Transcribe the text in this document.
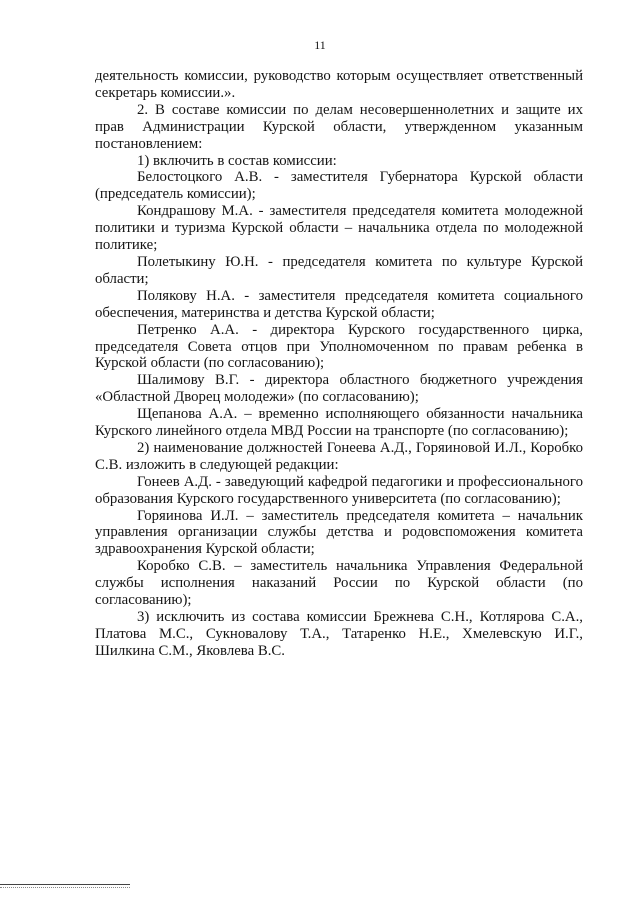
11

деятельность комиссии, руководство которым осуществляет ответственный секретарь комиссии.».

2. В составе комиссии по делам несовершеннолетних и защите их прав Администрации Курской области, утвержденном указанным постановлением:

1) включить в состав комиссии:

Белостоцкого А.В. - заместителя Губернатора Курской области (председатель комиссии);

Кондрашову М.А. - заместителя председателя комитета молодежной политики и туризма Курской области – начальника отдела по молодежной политике;

Полетыкину Ю.Н. - председателя комитета по культуре Курской области;

Полякову Н.А. - заместителя председателя комитета социального обеспечения, материнства и детства Курской области;

Петренко А.А. - директора Курского государственного цирка, председателя Совета отцов при Уполномоченном по правам ребенка в Курской области (по согласованию);

Шалимову В.Г. - директора областного бюджетного учреждения «Областной Дворец молодежи» (по согласованию);

Щепанова А.А. – временно исполняющего обязанности начальника Курского линейного отдела МВД России на транспорте (по согласованию);

2) наименование должностей Гонеева А.Д., Горяиновой И.Л., Коробко С.В. изложить в следующей редакции:

Гонеев А.Д. - заведующий кафедрой педагогики и профессионального образования Курского государственного университета (по согласованию);

Горяинова И.Л. – заместитель председателя комитета – начальник управления организации службы детства и родовспоможения комитета здравоохранения Курской области;

Коробко С.В. – заместитель начальника Управления Федеральной службы исполнения наказаний России по Курской области (по согласованию);

3) исключить из состава комиссии Брежнева С.Н., Котлярова С.А., Платова М.С., Сукновалову Т.А., Татаренко Н.Е., Хмелевскую И.Г., Шилкина С.М., Яковлева В.С.
